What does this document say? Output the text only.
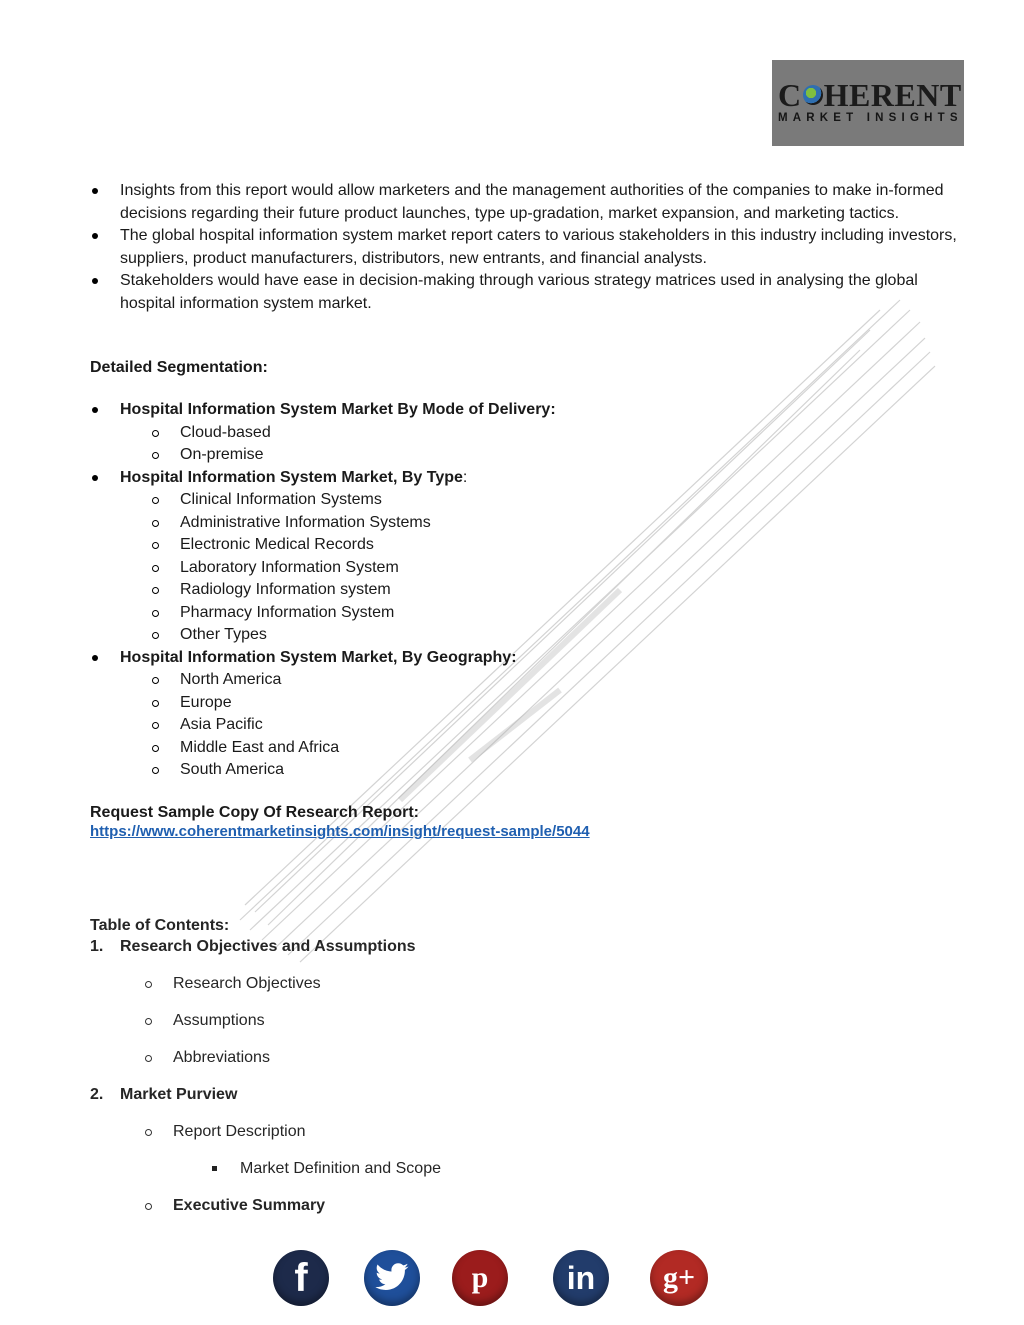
C HERENT
MARKET INSIGHTS
Insights from this report would allow marketers and the management authorities of the companies to make in-formed decisions regarding their future product launches, type up-gradation, market expansion, and marketing tactics.
The global hospital information system market report caters to various stakeholders in this industry including investors, suppliers, product manufacturers, distributors, new entrants, and financial analysts.
Stakeholders would have ease in decision-making through various strategy matrices used in analysing the global hospital information system market.
Detailed Segmentation:
Hospital Information System Market By Mode of Delivery:
Cloud-based
On-premise
Hospital Information System Market, By Type:
Clinical Information Systems
Administrative Information Systems
Electronic Medical Records
Laboratory Information System
Radiology Information system
Pharmacy Information System
Other Types
Hospital Information System Market, By Geography:
North America
Europe
Asia Pacific
Middle East and Africa
South America
Request Sample Copy Of Research Report:
https://www.coherentmarketinsights.com/insight/request-sample/5044
Table of Contents:
1.	Research Objectives and Assumptions
Research Objectives
Assumptions
Abbreviations
2.	Market Purview
Report Description
Market Definition and Scope
Executive Summary
f	p	in	g+
